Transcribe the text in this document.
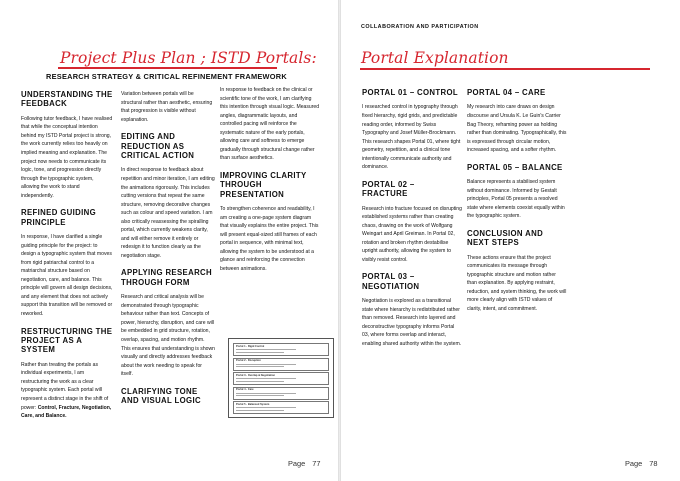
Project Plus Plan ; ISTD Portals:
RESEARCH STRATEGY & CRITICAL REFINEMENT FRAMEWORK
UNDERSTANDING THE FEEDBACK

Following tutor feedback, I have realised that while the conceptual intention behind my ISTD Portal project is strong, the work currently relies too heavily on implied meaning and explanation. The project now needs to communicate its logic, tone, and progression directly through the typographic system, allowing the work to stand independently.

REFINED GUIDING PRINCIPLE

In response, I have clarified a single guiding principle for the project: to design a typographic system that moves from rigid patriarchal control to a matriarchal structure based on negotiation, care, and balance. This principle will govern all design decisions, and any element that does not actively support this transition will be removed or reworked.

RESTRUCTURING THE PROJECT AS A SYSTEM

Rather than treating the portals as individual experiments, I am restructuring the work as a clear typographic system. Each portal will represent a distinct stage in the shift of power: Control, Fracture, Negotiation, Care, and Balance.

Variation between portals will be structural rather than aesthetic, ensuring that progression is visible without explanation.

EDITING AND REDUCTION AS CRITICAL ACTION

In direct response to feedback about repetition and minor iteration, I am editing the animations rigorously. This includes cutting versions that repeat the same structure, removing decorative changes such as colour and speed variation. I am also critically reassessing the spiralling portal, which currently weakens clarity, and will either remove it entirely or redesign it to function clearly as the negotiation stage.

APPLYING RESEARCH THROUGH FORM

Research and critical analysis will be demonstrated through typographic behaviour rather than text. Concepts of power, hierarchy, disruption, and care will be embedded in grid structure, rotation, overlap, spacing, and motion rhythm. This ensures that understanding is shown visually and directly addresses feedback about the work needing to speak for itself.

CLARIFYING TONE AND VISUAL LOGIC

In response to feedback on the clinical or scientific tone of the work, I am clarifying this intention through visual logic. Measured angles, diagrammatic layouts, and controlled pacing will reinforce the systematic nature of the early portals, allowing care and softness to emerge gradually through structural change rather than surface aesthetics.

IMPROVING CLARITY THROUGH PRESENTATION

To strengthen coherence and readability, I am creating a one-page system diagram that visually explains the entire project. This will present equal-sized still frames of each portal in sequence, with minimal text, allowing the system to be understood at a glance and reinforcing the connection between animations.

Portal 1 - Rigid Control
Portal 2 - Disruption
Portal 3 - Overlap & Negotiation
Portal 4 - Care
Portal 5 - Balanced System
Page 77
COLLABORATION AND PARTICIPATION
Portal Explanation
PORTAL 01 – CONTROL

I researched control in typography through fixed hierarchy, rigid grids, and predictable reading order, informed by Swiss Typography and Josef Müller-Brockmann. This research shapes Portal 01, where tight geometry, repetition, and a clinical tone intentionally communicate authority and dominance.

PORTAL 02 – FRACTURE

Research into fracture focused on disrupting established systems rather than creating chaos, drawing on the work of Wolfgang Weingart and April Greiman. In Portal 02, rotation and broken rhythm destabilise upright authority, allowing the system to visibly resist control.

PORTAL 03 – NEGOTIATION

Negotiation is explored as a transitional state where hierarchy is redistributed rather than removed. Research into layered and deconstructive typography informs Portal 03, where forms overlap and interact, enabling shared authority within the system.

PORTAL 04 – CARE

My research into care draws on design discourse and Ursula K. Le Guin's Carrier Bag Theory, reframing power as holding rather than dominating. Typographically, this is expressed through circular motion, increased spacing, and a softer rhythm.

PORTAL 05 – BALANCE

Balance represents a stabilised system without dominance. Informed by Gestalt principles, Portal 05 presents a resolved state where elements coexist equally within the typographic system.

CONCLUSION AND NEXT STEPS

These actions ensure that the project communicates its message through typographic structure and motion rather than explanation. By applying restraint, reduction, and system thinking, the work will more clearly align with ISTD values of clarity, intent, and commitment.

Page 78
